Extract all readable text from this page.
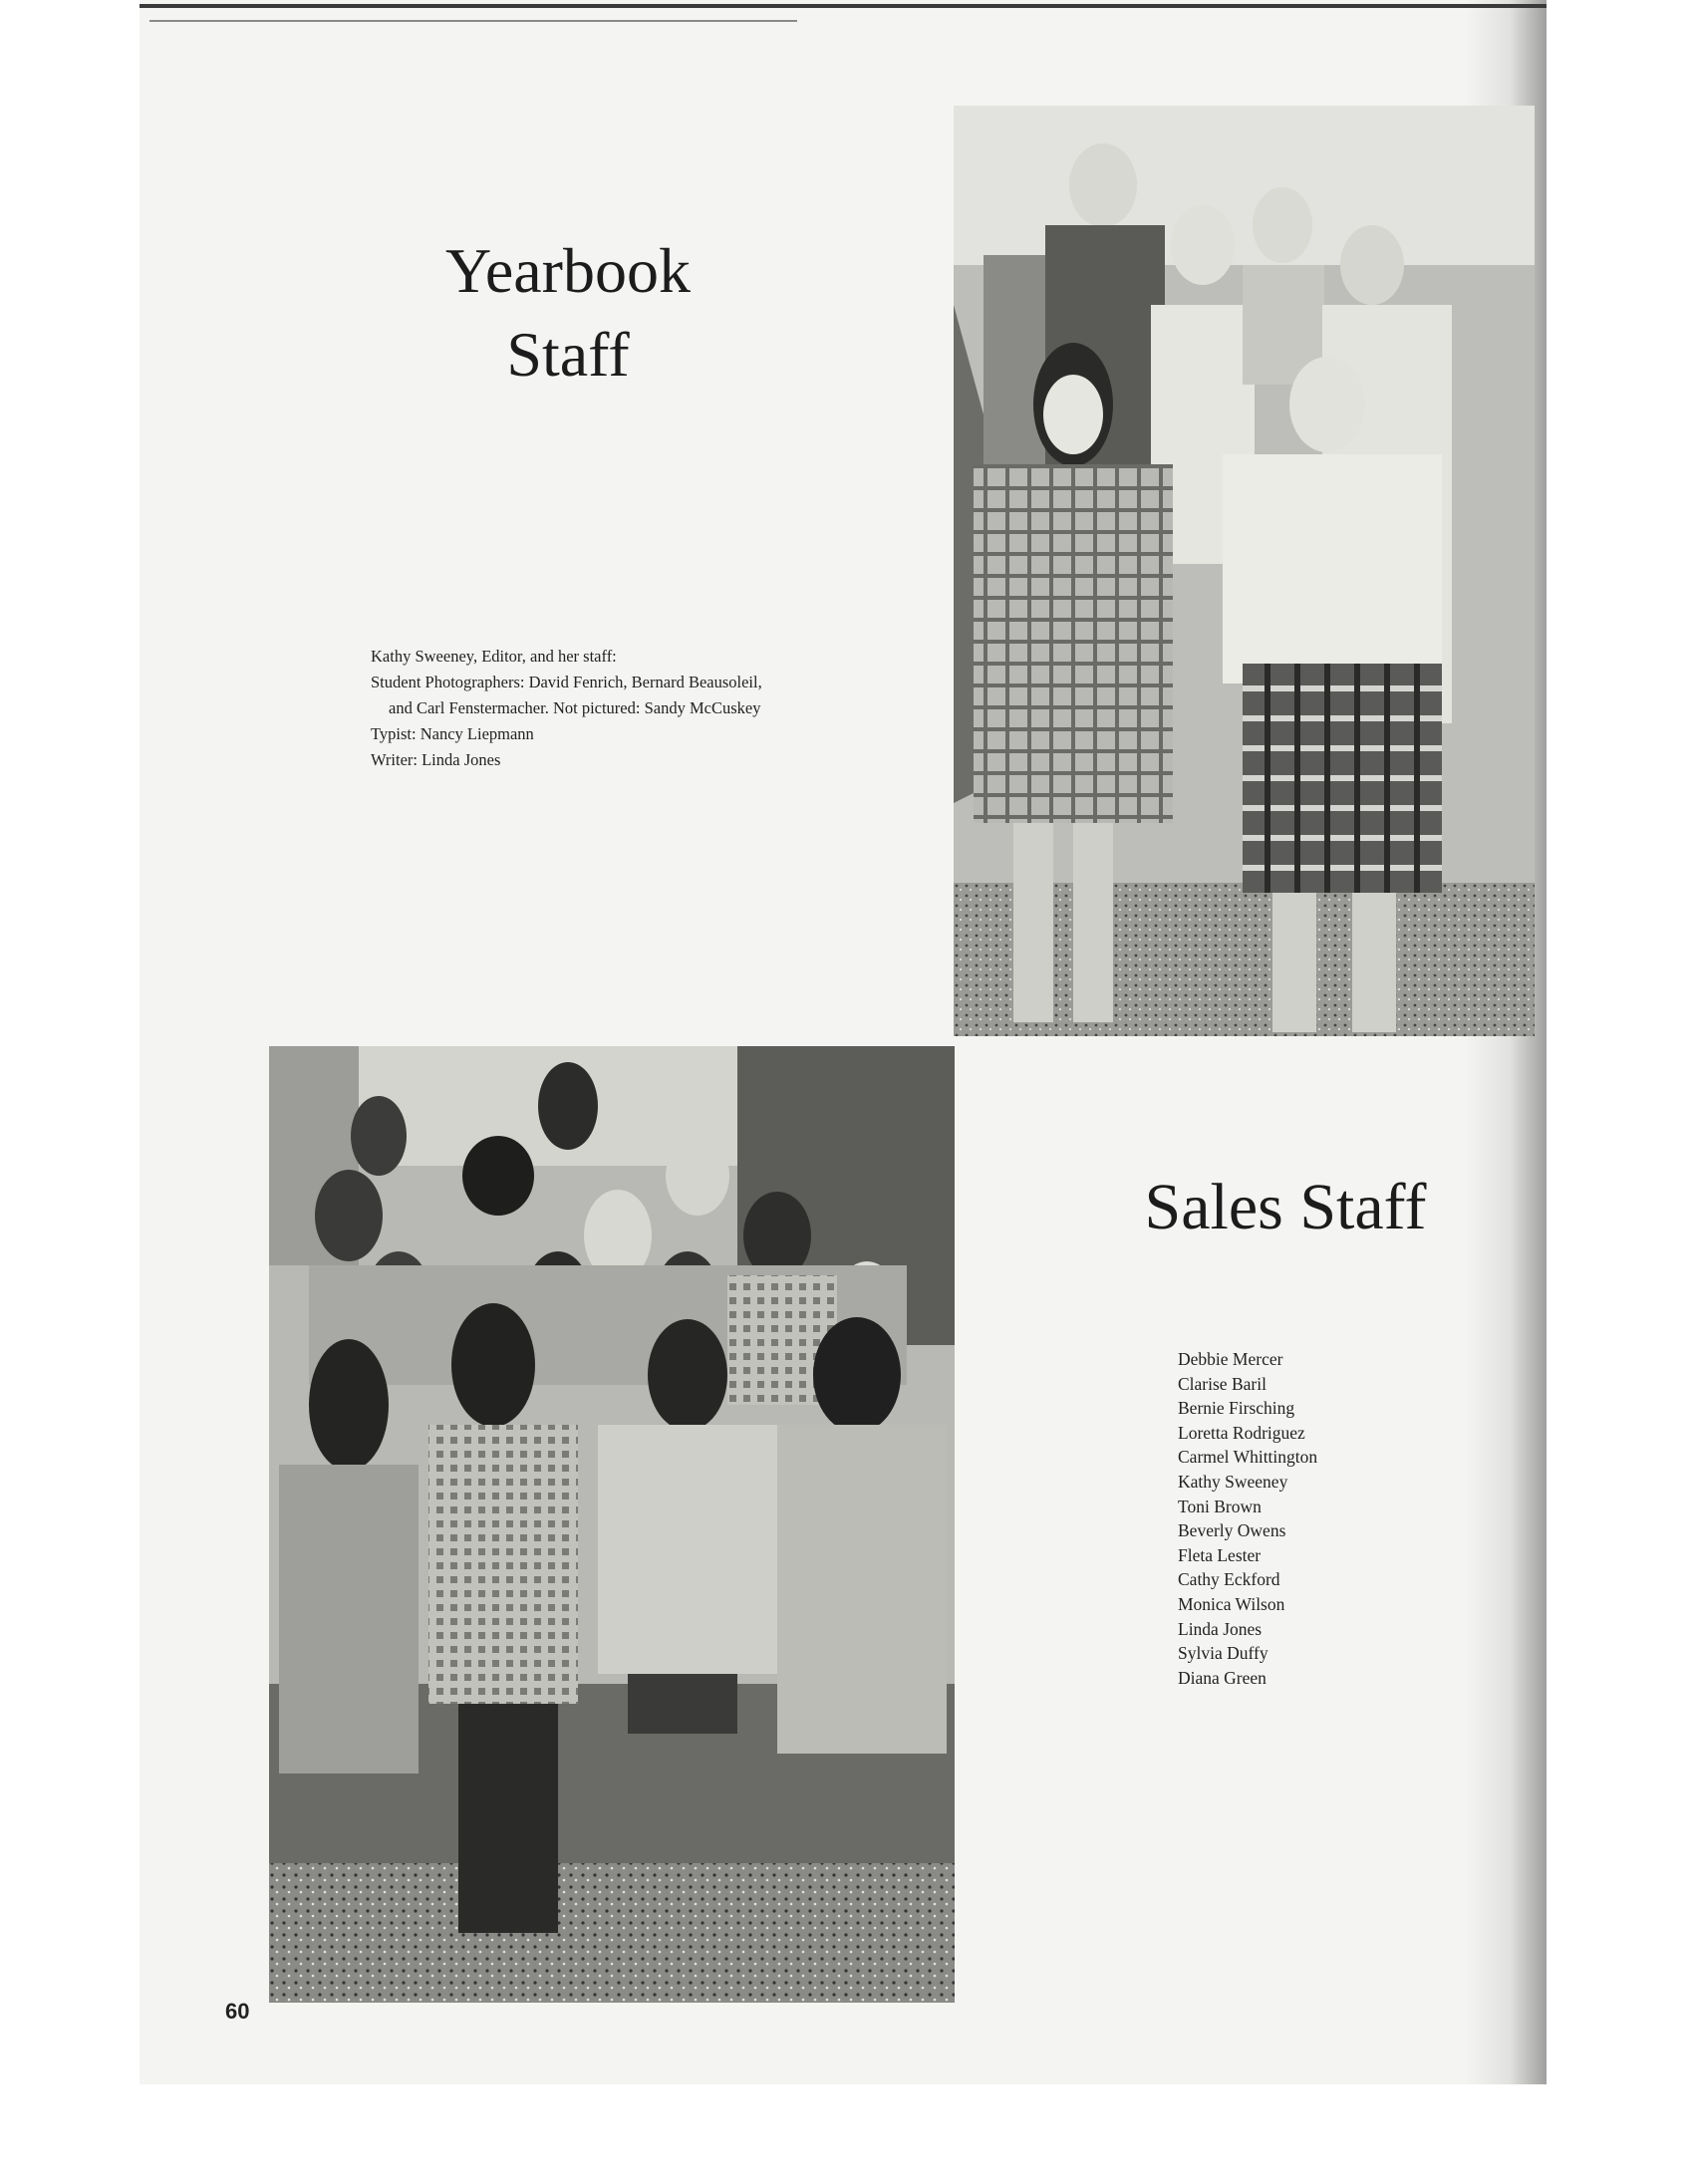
Yearbook
Staff
Kathy Sweeney, Editor, and her staff:
Student Photographers: David Fenrich, Bernard Beausoleil,
and Carl Fenstermacher. Not pictured: Sandy McCuskey
Typist: Nancy Liepmann
Writer: Linda Jones
Sales Staff
Debbie Mercer
Clarise Baril
Bernie Firsching
Loretta Rodriguez
Carmel Whittington
Kathy Sweeney
Toni Brown
Beverly Owens
Fleta Lester
Cathy Eckford
Monica Wilson
Linda Jones
Sylvia Duffy
Diana Green
60
